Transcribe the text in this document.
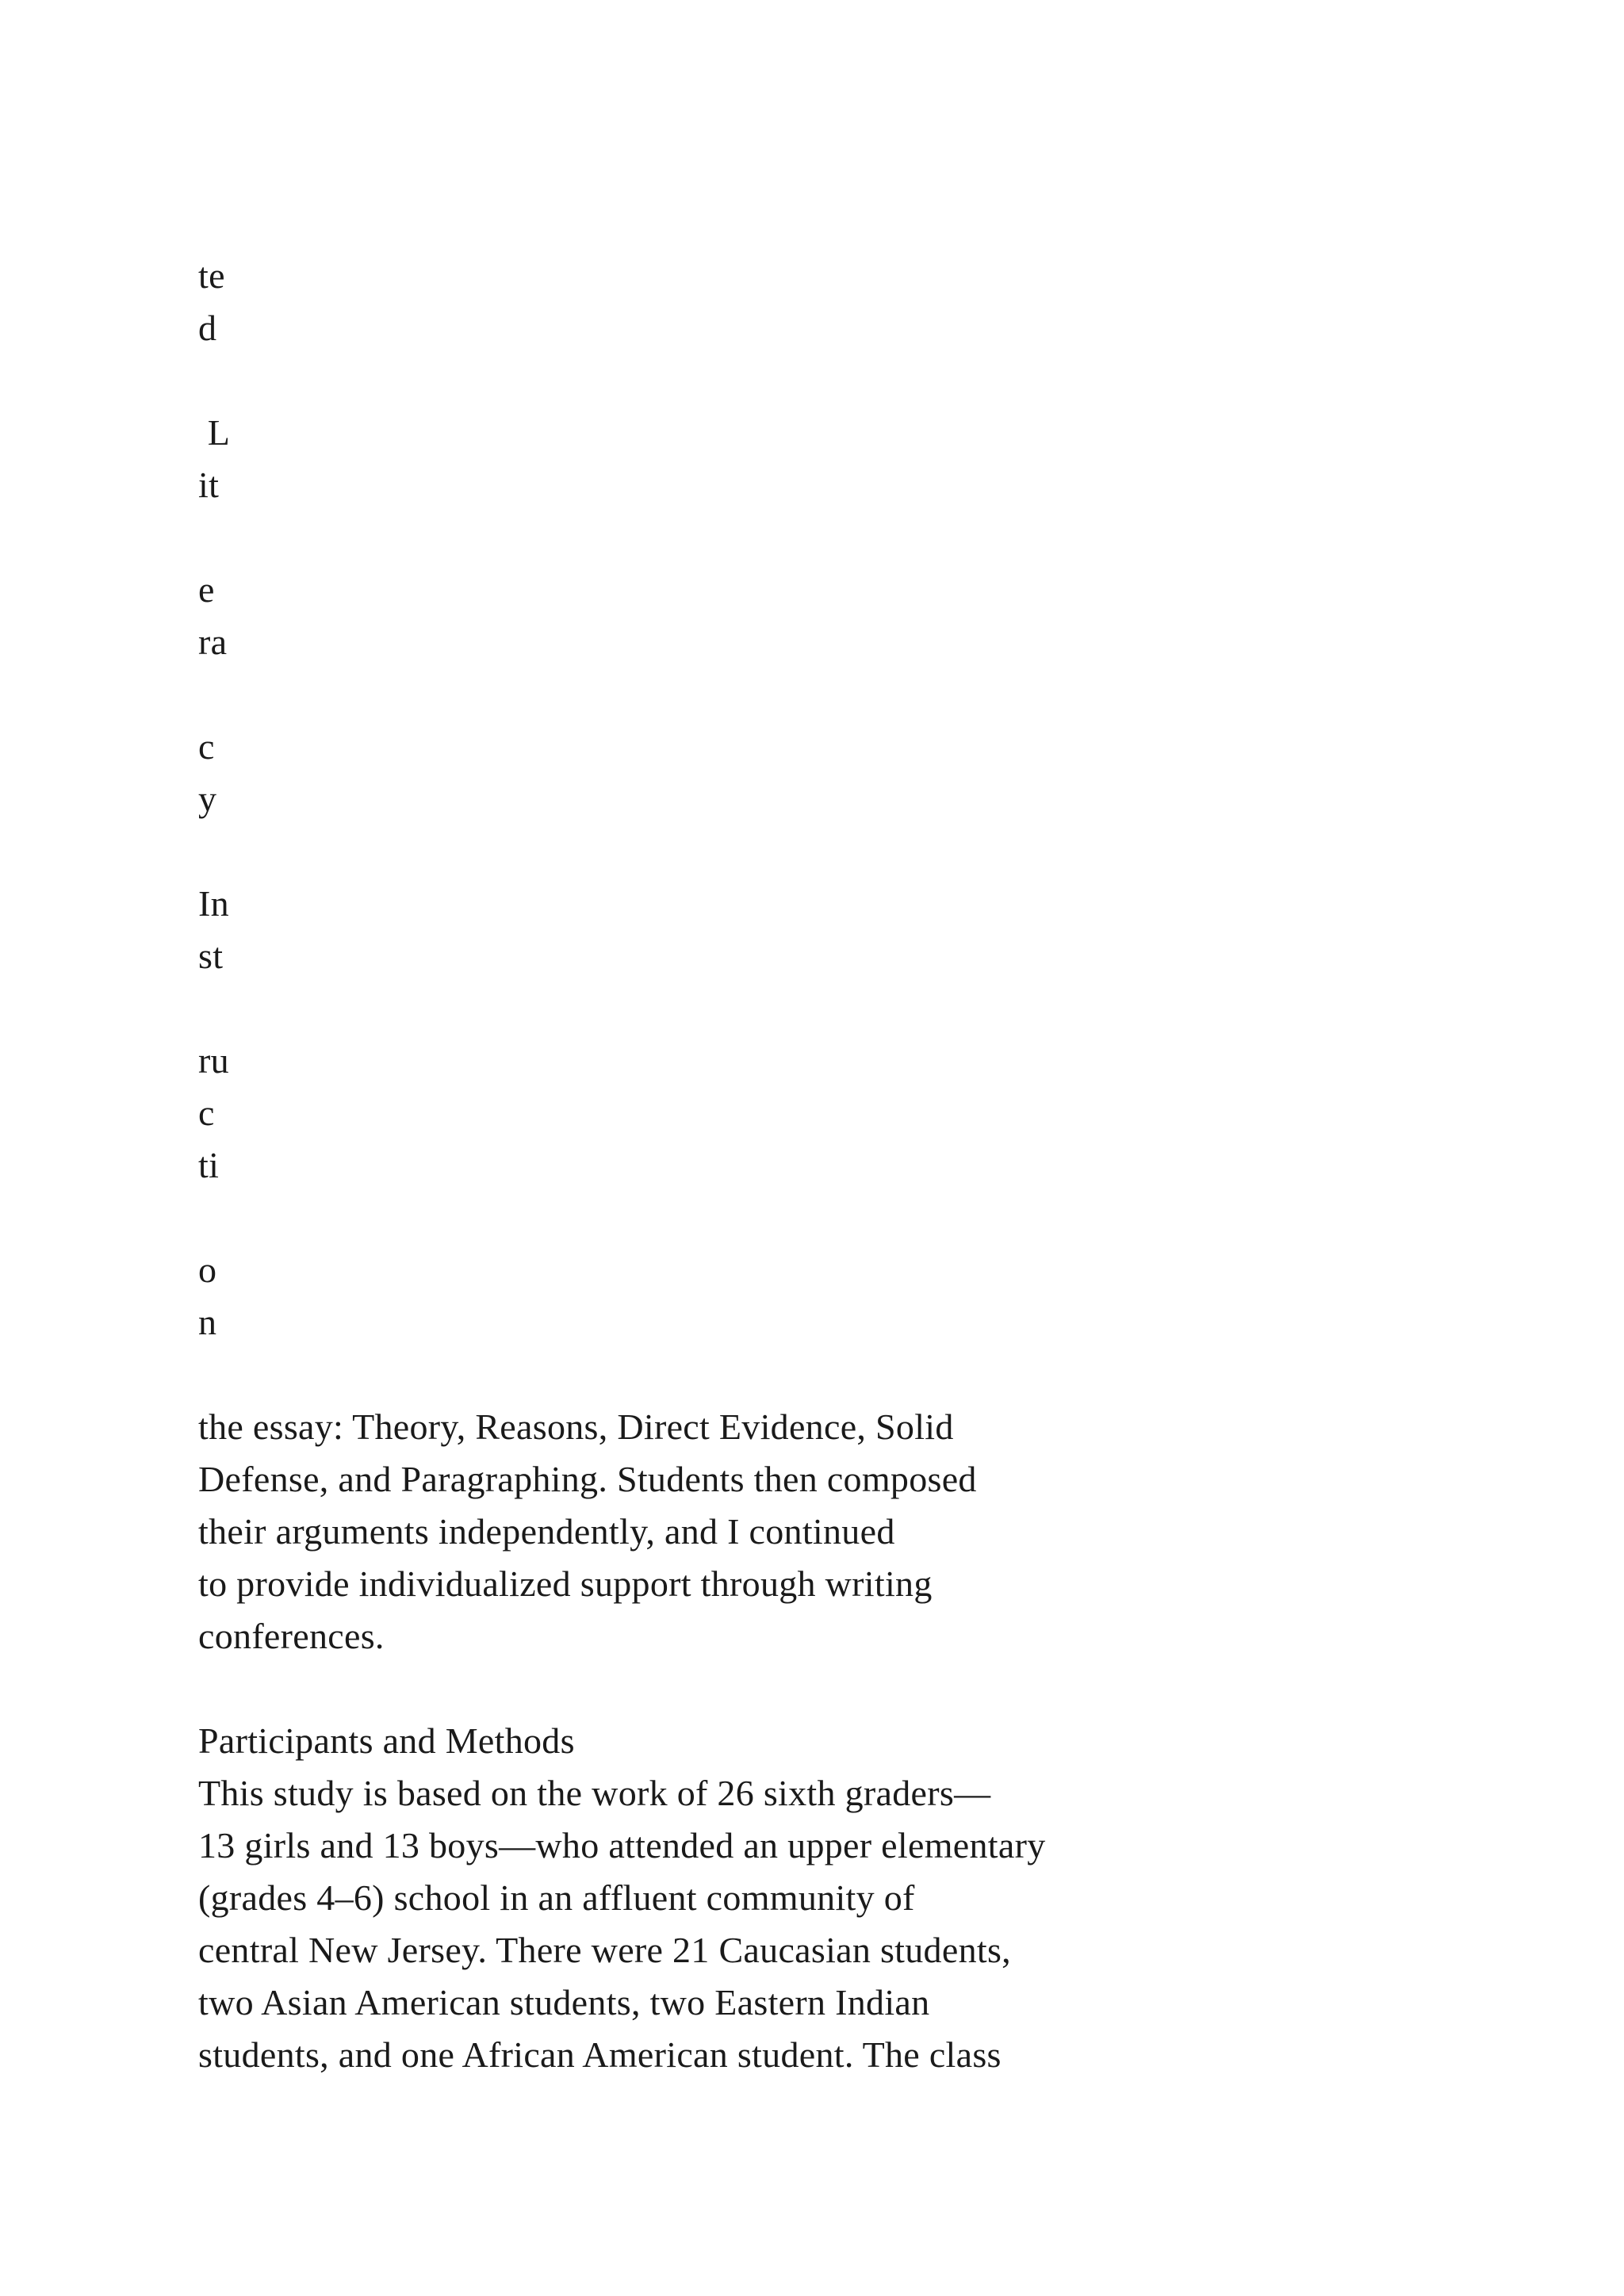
te
d
L
it
e
ra
c
y
In
st
ru
c
ti
o
n
the essay: Theory, Reasons, Direct Evidence, Solid
Defense, and Paragraphing. Students then composed
their arguments independently, and I continued
to provide individualized support through writing
conferences.
Participants and Methods
This study is based on the work of 26 sixth graders—
13 girls and 13 boys—who attended an upper elementary
(grades 4–6) school in an affluent community of
central New Jersey. There were 21 Caucasian students,
two Asian American students, two Eastern Indian
students, and one African American student. The class
